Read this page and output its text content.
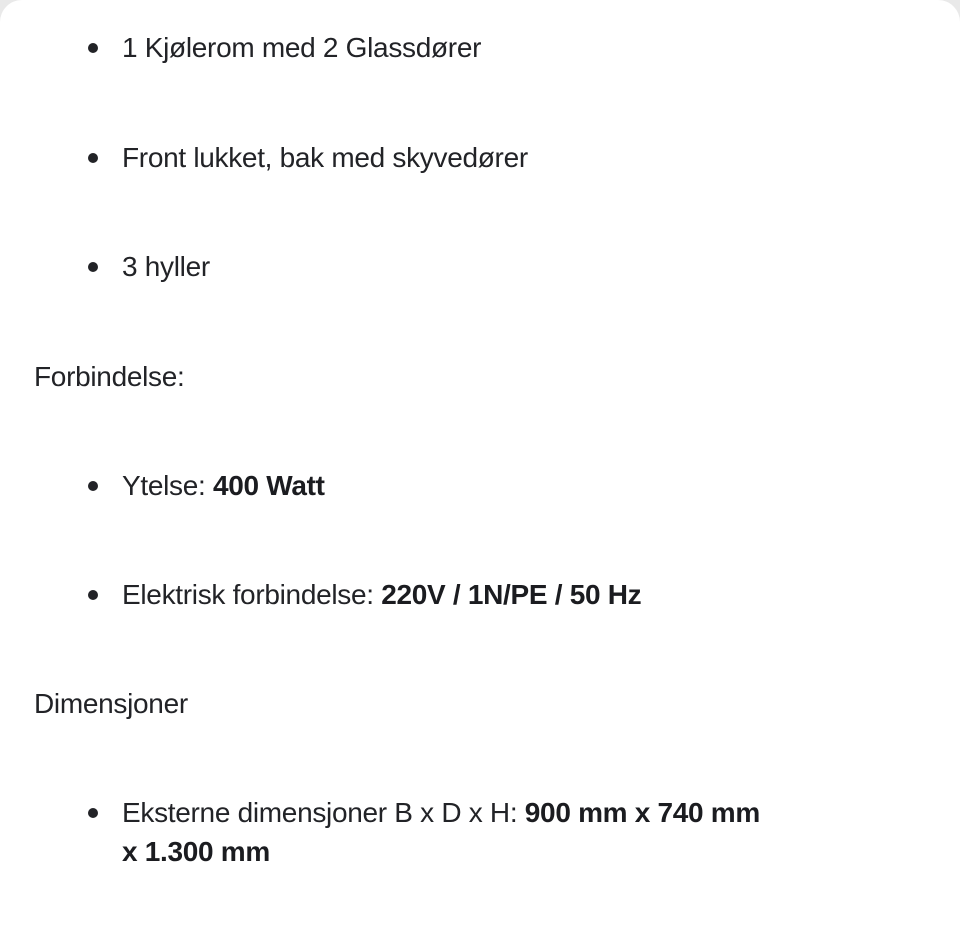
1 Kjølerom med 2 Glassdører
Front lukket, bak med skyvedører
3 hyller
Forbindelse:
Ytelse: 400 Watt
Elektrisk forbindelse: 220V / 1N/PE / 50 Hz
Dimensjoner
Eksterne dimensjoner B x D x H: 900 mm x 740 mm
x 1.300 mm
